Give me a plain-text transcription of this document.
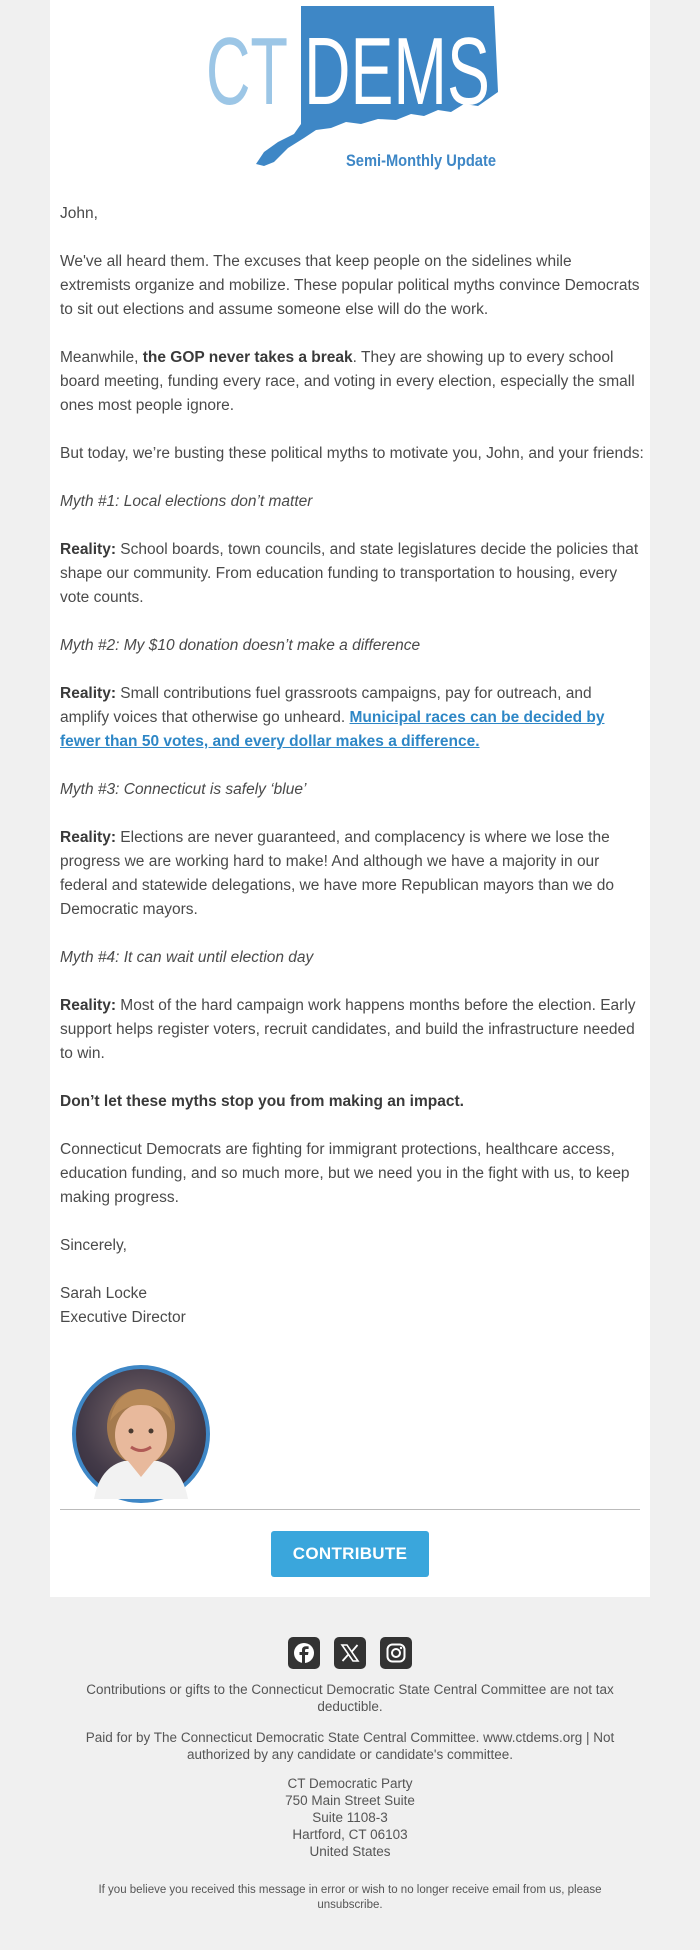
CT DEMS
Semi-Monthly Update

John,

We've all heard them. The excuses that keep people on the sidelines while extremists organize and mobilize. These popular political myths convince Democrats to sit out elections and assume someone else will do the work.

Meanwhile, the GOP never takes a break. They are showing up to every school board meeting, funding every race, and voting in every election, especially the small ones most people ignore.

But today, we’re busting these political myths to motivate you, John, and your friends:

Myth #1: Local elections don’t matter

Reality: School boards, town councils, and state legislatures decide the policies that shape our community. From education funding to transportation to housing, every vote counts.

Myth #2: My $10 donation doesn’t make a difference

Reality: Small contributions fuel grassroots campaigns, pay for outreach, and amplify voices that otherwise go unheard. Municipal races can be decided by fewer than 50 votes, and every dollar makes a difference.

Myth #3: Connecticut is safely ‘blue’

Reality: Elections are never guaranteed, and complacency is where we lose the progress we are working hard to make! And although we have a majority in our federal and statewide delegations, we have more Republican mayors than we do Democratic mayors.

Myth #4: It can wait until election day

Reality: Most of the hard campaign work happens months before the election. Early support helps register voters, recruit candidates, and build the infrastructure needed to win.

Don’t let these myths stop you from making an impact.

Connecticut Democrats are fighting for immigrant protections, healthcare access, education funding, and so much more, but we need you in the fight with us, to keep making progress.

Sincerely,

Sarah Locke
Executive Director

CONTRIBUTE
Contributions or gifts to the Connecticut Democratic State Central Committee are not tax deductible.
Paid for by The Connecticut Democratic State Central Committee. www.ctdems.org | Not authorized by any candidate or candidate's committee.
CT Democratic Party
750 Main Street Suite
Suite 1108-3
Hartford, CT 06103
United States
If you believe you received this message in error or wish to no longer receive email from us, please unsubscribe.
